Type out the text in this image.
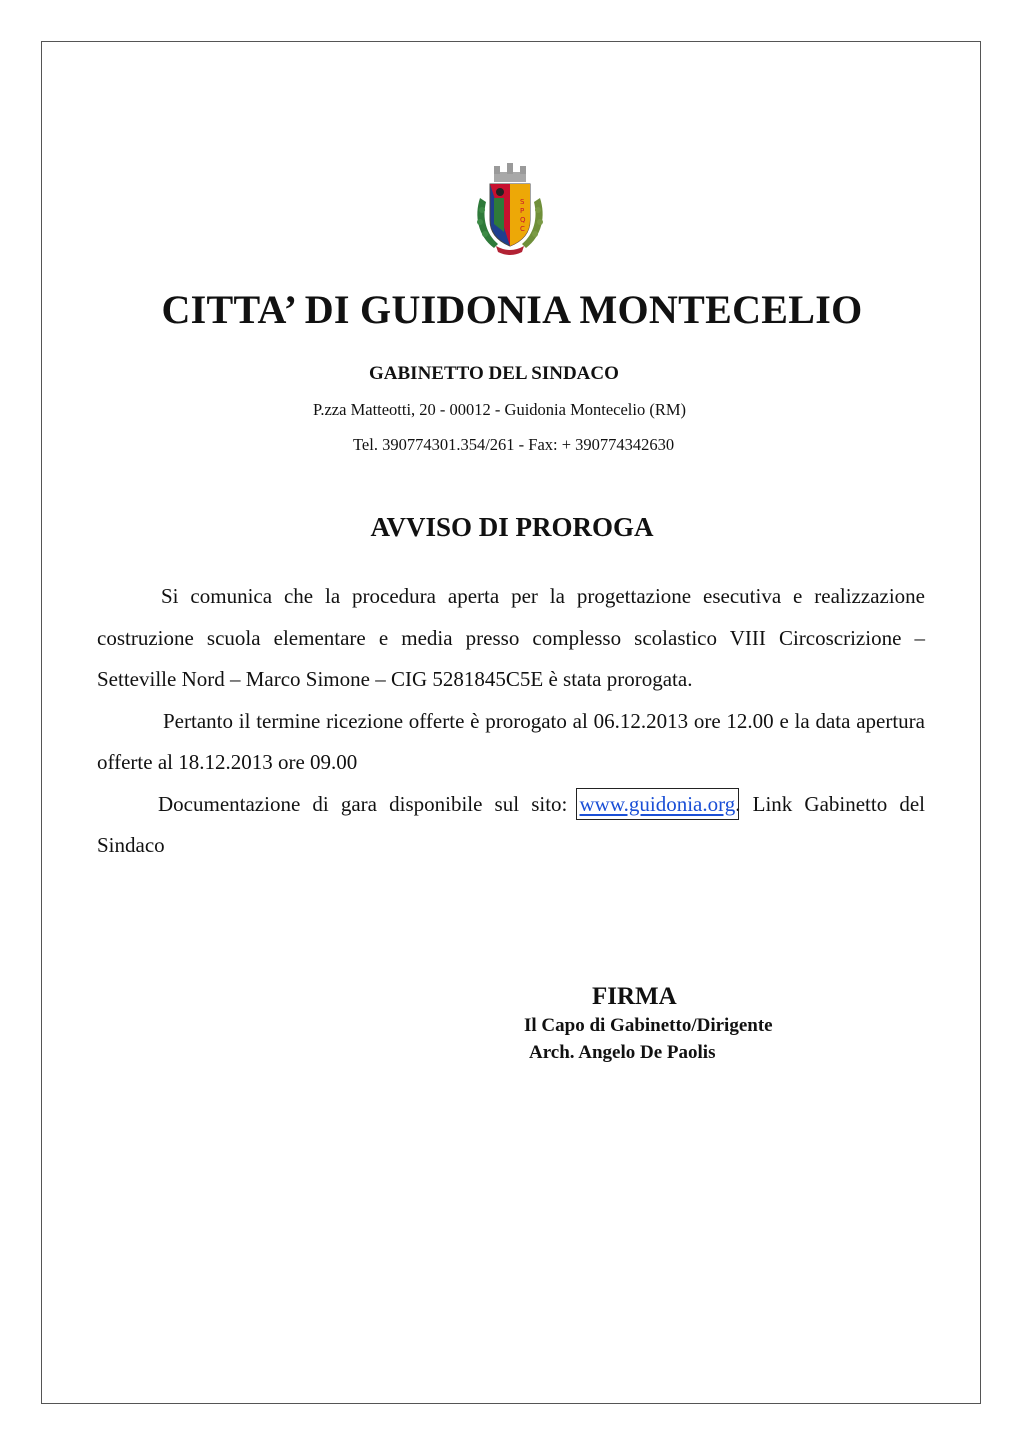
S
P
Q
C
CITTA’ DI GUIDONIA MONTECELIO
GABINETTO DEL SINDACO
P.zza Matteotti, 20 - 00012 - Guidonia Montecelio (RM)
Tel. 390774301.354/261 - Fax: + 390774342630
AVVISO DI PROROGA

Si comunica che la procedura aperta per la progettazione esecutiva e realizzazione costruzione scuola elementare e media presso complesso scolastico VIII Circoscrizione – Setteville Nord – Marco Simone – CIG 5281845C5E è stata prorogata.

Pertanto il termine ricezione offerte è prorogato al 06.12.2013 ore 12.00 e la data apertura offerte al 18.12.2013 ore 09.00

Documentazione di gara disponibile sul sito: www.guidonia.org. Link Gabinetto del Sindaco

FIRMA
Il Capo di Gabinetto/Dirigente
Arch. Angelo De Paolis
